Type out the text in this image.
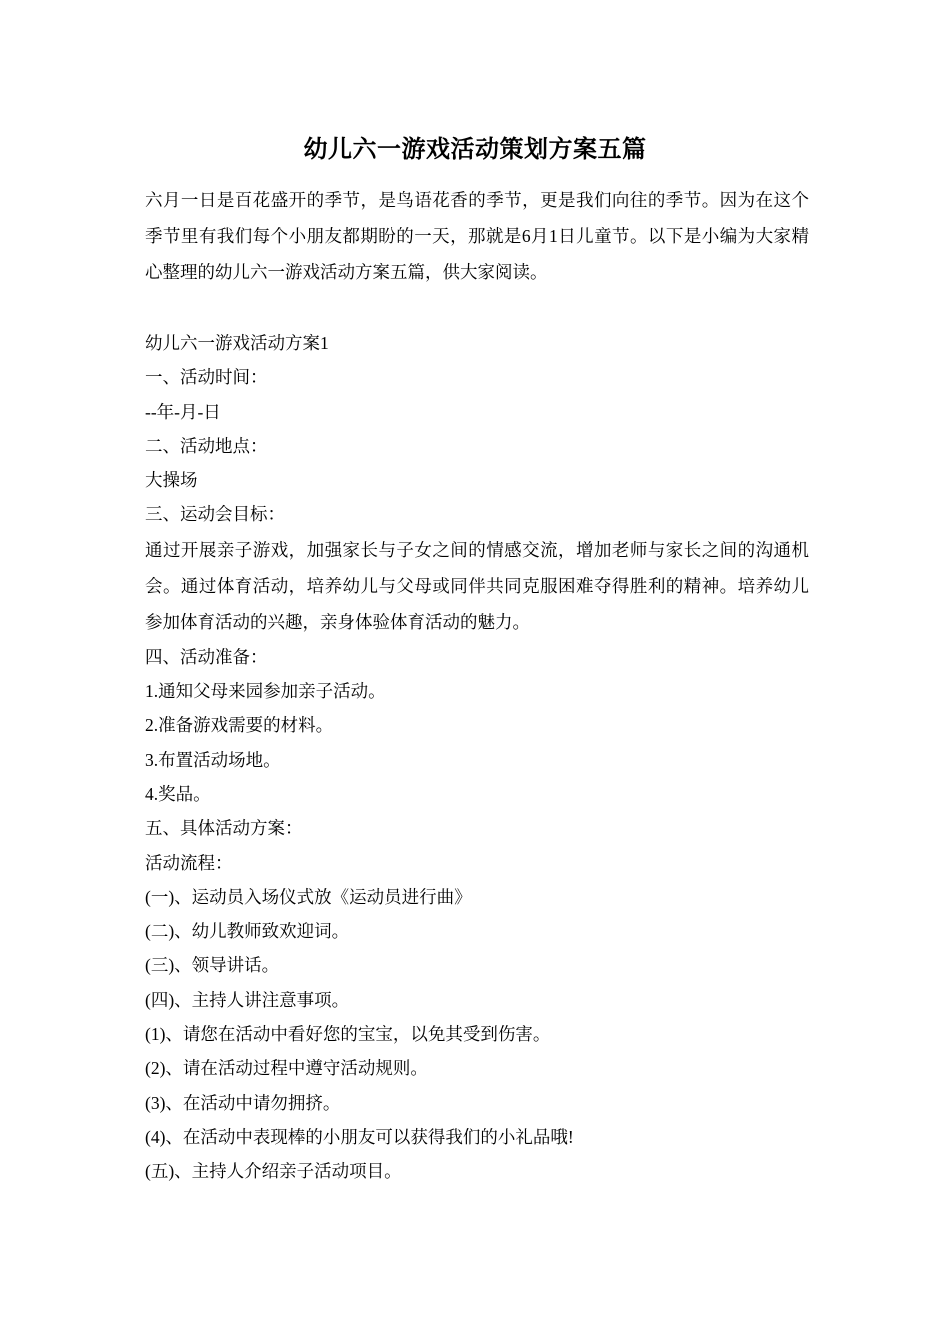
幼儿六一游戏活动策划方案五篇
六月一日是百花盛开的季节，是鸟语花香的季节，更是我们向往的季节。因为在这个季节里有我们每个小朋友都期盼的一天，那就是6月1日儿童节。以下是小编为大家精心整理的幼儿六一游戏活动方案五篇，供大家阅读。
幼儿六一游戏活动方案1
一、活动时间：
--年-月-日
二、活动地点：
大操场
三、运动会目标：
通过开展亲子游戏，加强家长与子女之间的情感交流，增加老师与家长之间的沟通机会。通过体育活动，培养幼儿与父母或同伴共同克服困难夺得胜利的精神。培养幼儿参加体育活动的兴趣，亲身体验体育活动的魅力。
四、活动准备：
1.通知父母来园参加亲子活动。
2.准备游戏需要的材料。
3.布置活动场地。
4.奖品。
五、具体活动方案：
活动流程：
(一)、运动员入场仪式放《运动员进行曲》
(二)、幼儿教师致欢迎词。
(三)、领导讲话。
(四)、主持人讲注意事项。
(1)、请您在活动中看好您的宝宝，以免其受到伤害。
(2)、请在活动过程中遵守活动规则。
(3)、在活动中请勿拥挤。
(4)、在活动中表现棒的小朋友可以获得我们的小礼品哦!
(五)、主持人介绍亲子活动项目。
